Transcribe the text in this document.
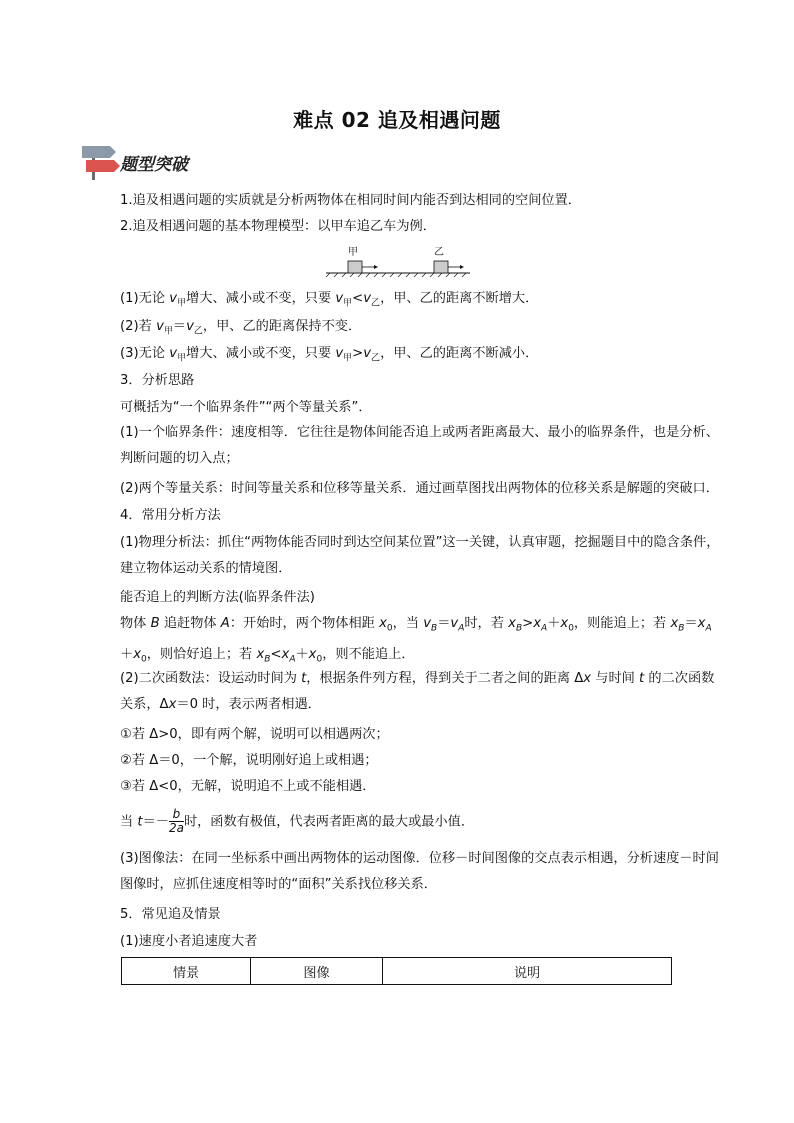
难点 02 追及相遇问题
题型突破
1.追及相遇问题的实质就是分析两物体在相同时间内能否到达相同的空间位置．
2.追及相遇问题的基本物理模型：以甲车追乙车为例．
甲	乙
(1)无论 $v_甲$增大、减小或不变，只要 $v_甲<v_乙$，甲、乙的距离不断增大．
(2)若 $v_甲=v_乙$，甲、乙的距离保持不变．
(3)无论 $v_甲$增大、减小或不变，只要 $v_甲>v_乙$，甲、乙的距离不断减小．
3．分析思路
可概括为“一个临界条件”“两个等量关系”．
(1)一个临界条件：速度相等．它往往是物体间能否追上或两者距离最大、最小的临界条件，也是分析、判断问题的切入点；
(2)两个等量关系：时间等量关系和位移等量关系．通过画草图找出两物体的位移关系是解题的突破口．
4．常用分析方法
(1)物理分析法：抓住“两物体能否同时到达空间某位置”这一关键，认真审题，挖掘题目中的隐含条件，建立物体运动关系的情境图．
能否追上的判断方法(临界条件法)
物体 B 追赶物体 A：开始时，两个物体相距 $x_0$，当 $v_B=v_A$时，若 $x_B>x_A+x_0$，则能追上；若 $x_B=x_A+x_0$，则恰好追上；若 $x_B<x_A+x_0$，则不能追上．
(2)二次函数法：设运动时间为 t，根据条件列方程，得到关于二者之间的距离 Δx 与时间 t 的二次函数关系，Δx＝0 时，表示两者相遇．
①若 Δ>0，即有两个解，说明可以相遇两次；
②若 Δ＝0，一个解，说明刚好追上或相遇；
③若 Δ<0，无解，说明追不上或不能相遇．
当 $t=- \frac{b}{2a}$ 时，函数有极值，代表两者距离的最大或最小值．
(3)图像法：在同一坐标系中画出两物体的运动图像．位移－时间图像的交点表示相遇，分析速度－时间图像时，应抓住速度相等时的“面积”关系找位移关系．
5．常见追及情景
(1)速度小者追速度大者
情景	图像	说明
